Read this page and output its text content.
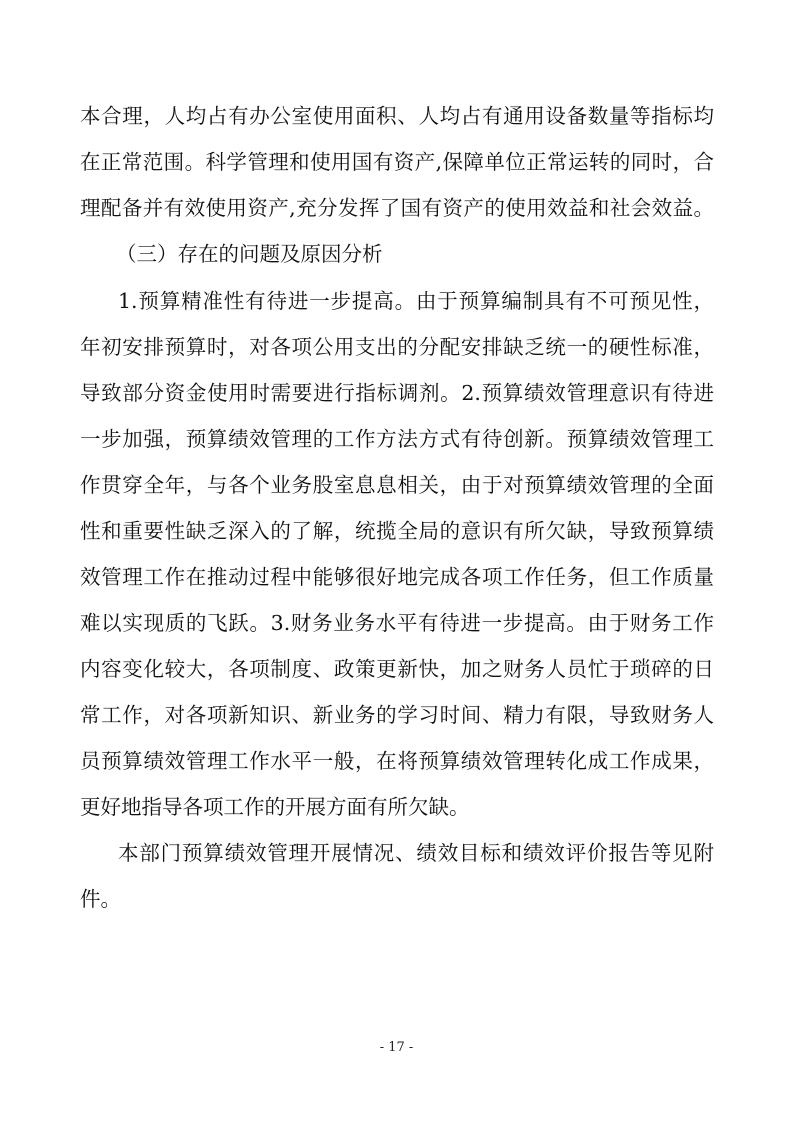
本合理，人均占有办公室使用面积、人均占有通用设备数量等指标均
在正常范围。科学管理和使用国有资产,保障单位正常运转的同时，合
理配备并有效使用资产,充分发挥了国有资产的使用效益和社会效益。
（三）存在的问题及原因分析
1.预算精准性有待进一步提高。由于预算编制具有不可预见性，
年初安排预算时，对各项公用支出的分配安排缺乏统一的硬性标准，
导致部分资金使用时需要进行指标调剂。2.预算绩效管理意识有待进
一步加强，预算绩效管理的工作方法方式有待创新。预算绩效管理工
作贯穿全年，与各个业务股室息息相关，由于对预算绩效管理的全面
性和重要性缺乏深入的了解，统揽全局的意识有所欠缺，导致预算绩
效管理工作在推动过程中能够很好地完成各项工作任务，但工作质量
难以实现质的飞跃。3.财务业务水平有待进一步提高。由于财务工作
内容变化较大，各项制度、政策更新快，加之财务人员忙于琐碎的日
常工作，对各项新知识、新业务的学习时间、精力有限，导致财务人
员预算绩效管理工作水平一般，在将预算绩效管理转化成工作成果，
更好地指导各项工作的开展方面有所欠缺。
本部门预算绩效管理开展情况、绩效目标和绩效评价报告等见附
件。
- 17 -
